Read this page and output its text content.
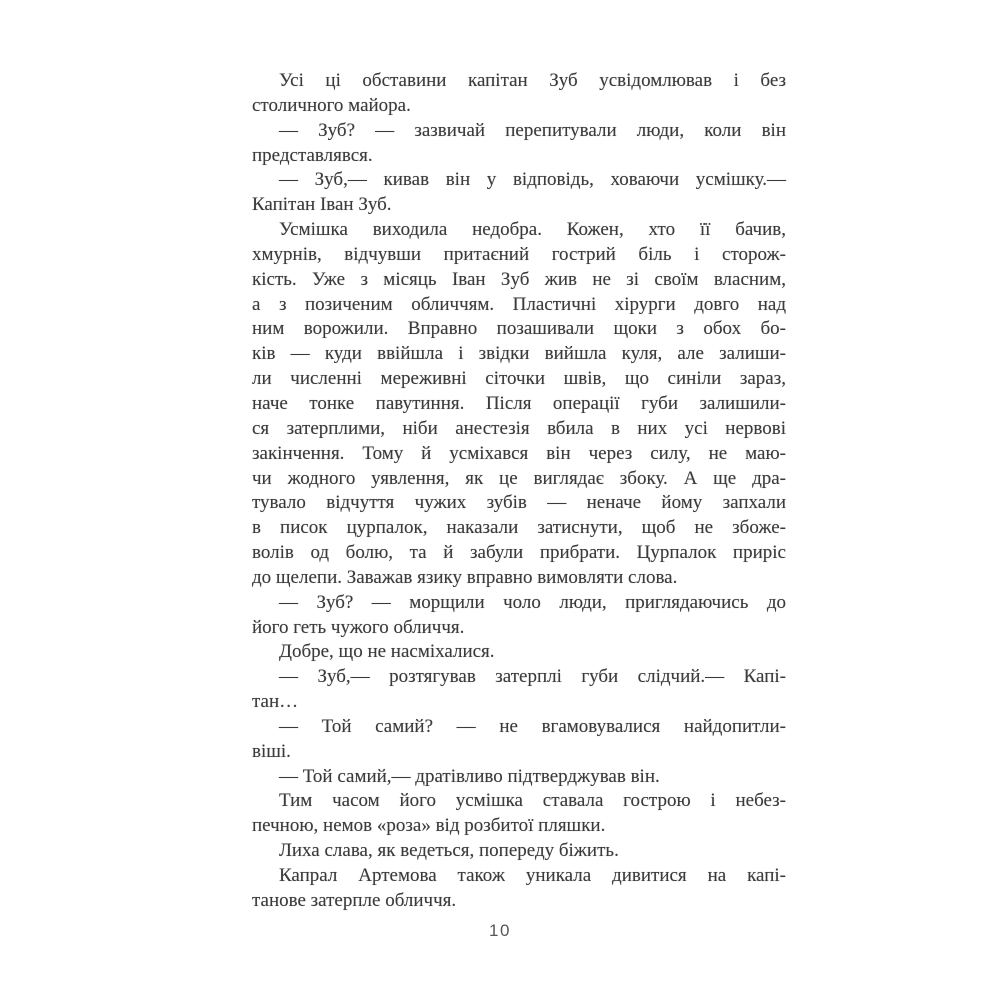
Усі ці обставини капітан Зуб усвідомлював і без
столичного майора.
— Зуб? — зазвичай перепитували люди, коли він
представлявся.
— Зуб,— кивав він у відповідь, ховаючи усмішку.—
Капітан Іван Зуб.
Усмішка виходила недобра. Кожен, хто її бачив,
хмурнів, відчувши притаєний гострий біль і сторож-
кість. Уже з місяць Іван Зуб жив не зі своїм власним,
а з позиченим обличчям. Пластичні хірурги довго над
ним ворожили. Вправно позашивали щоки з обох бо-
ків — куди ввійшла і звідки вийшла куля, але залиши-
ли численні мереживні сіточки швів, що синіли зараз,
наче тонке павутиння. Після операції губи залишили-
ся затерплими, ніби анестезія вбила в них усі нервові
закінчення. Тому й усміхався він через силу, не маю-
чи жодного уявлення, як це виглядає збоку. А ще дра-
тувало відчуття чужих зубів — неначе йому запхали
в писок цурпалок, наказали затиснути, щоб не збоже-
волів од болю, та й забули прибрати. Цурпалок приріс
до щелепи. Заважав язику вправно вимовляти слова.
— Зуб? — морщили чоло люди, приглядаючись до
його геть чужого обличчя.
Добре, що не насміхалися.
— Зуб,— розтягував затерплі губи слідчий.— Капі-
тан…
— Той самий? — не вгамовувалися найдопитли-
віші.
— Той самий,— дратівливо підтверджував він.
Тим часом його усмішка ставала гострою і небез-
печною, немов «роза» від розбитої пляшки.
Лиха слава, як ведеться, попереду біжить.
Капрал Артемова також уникала дивитися на капі-
танове затерпле обличчя.
10
